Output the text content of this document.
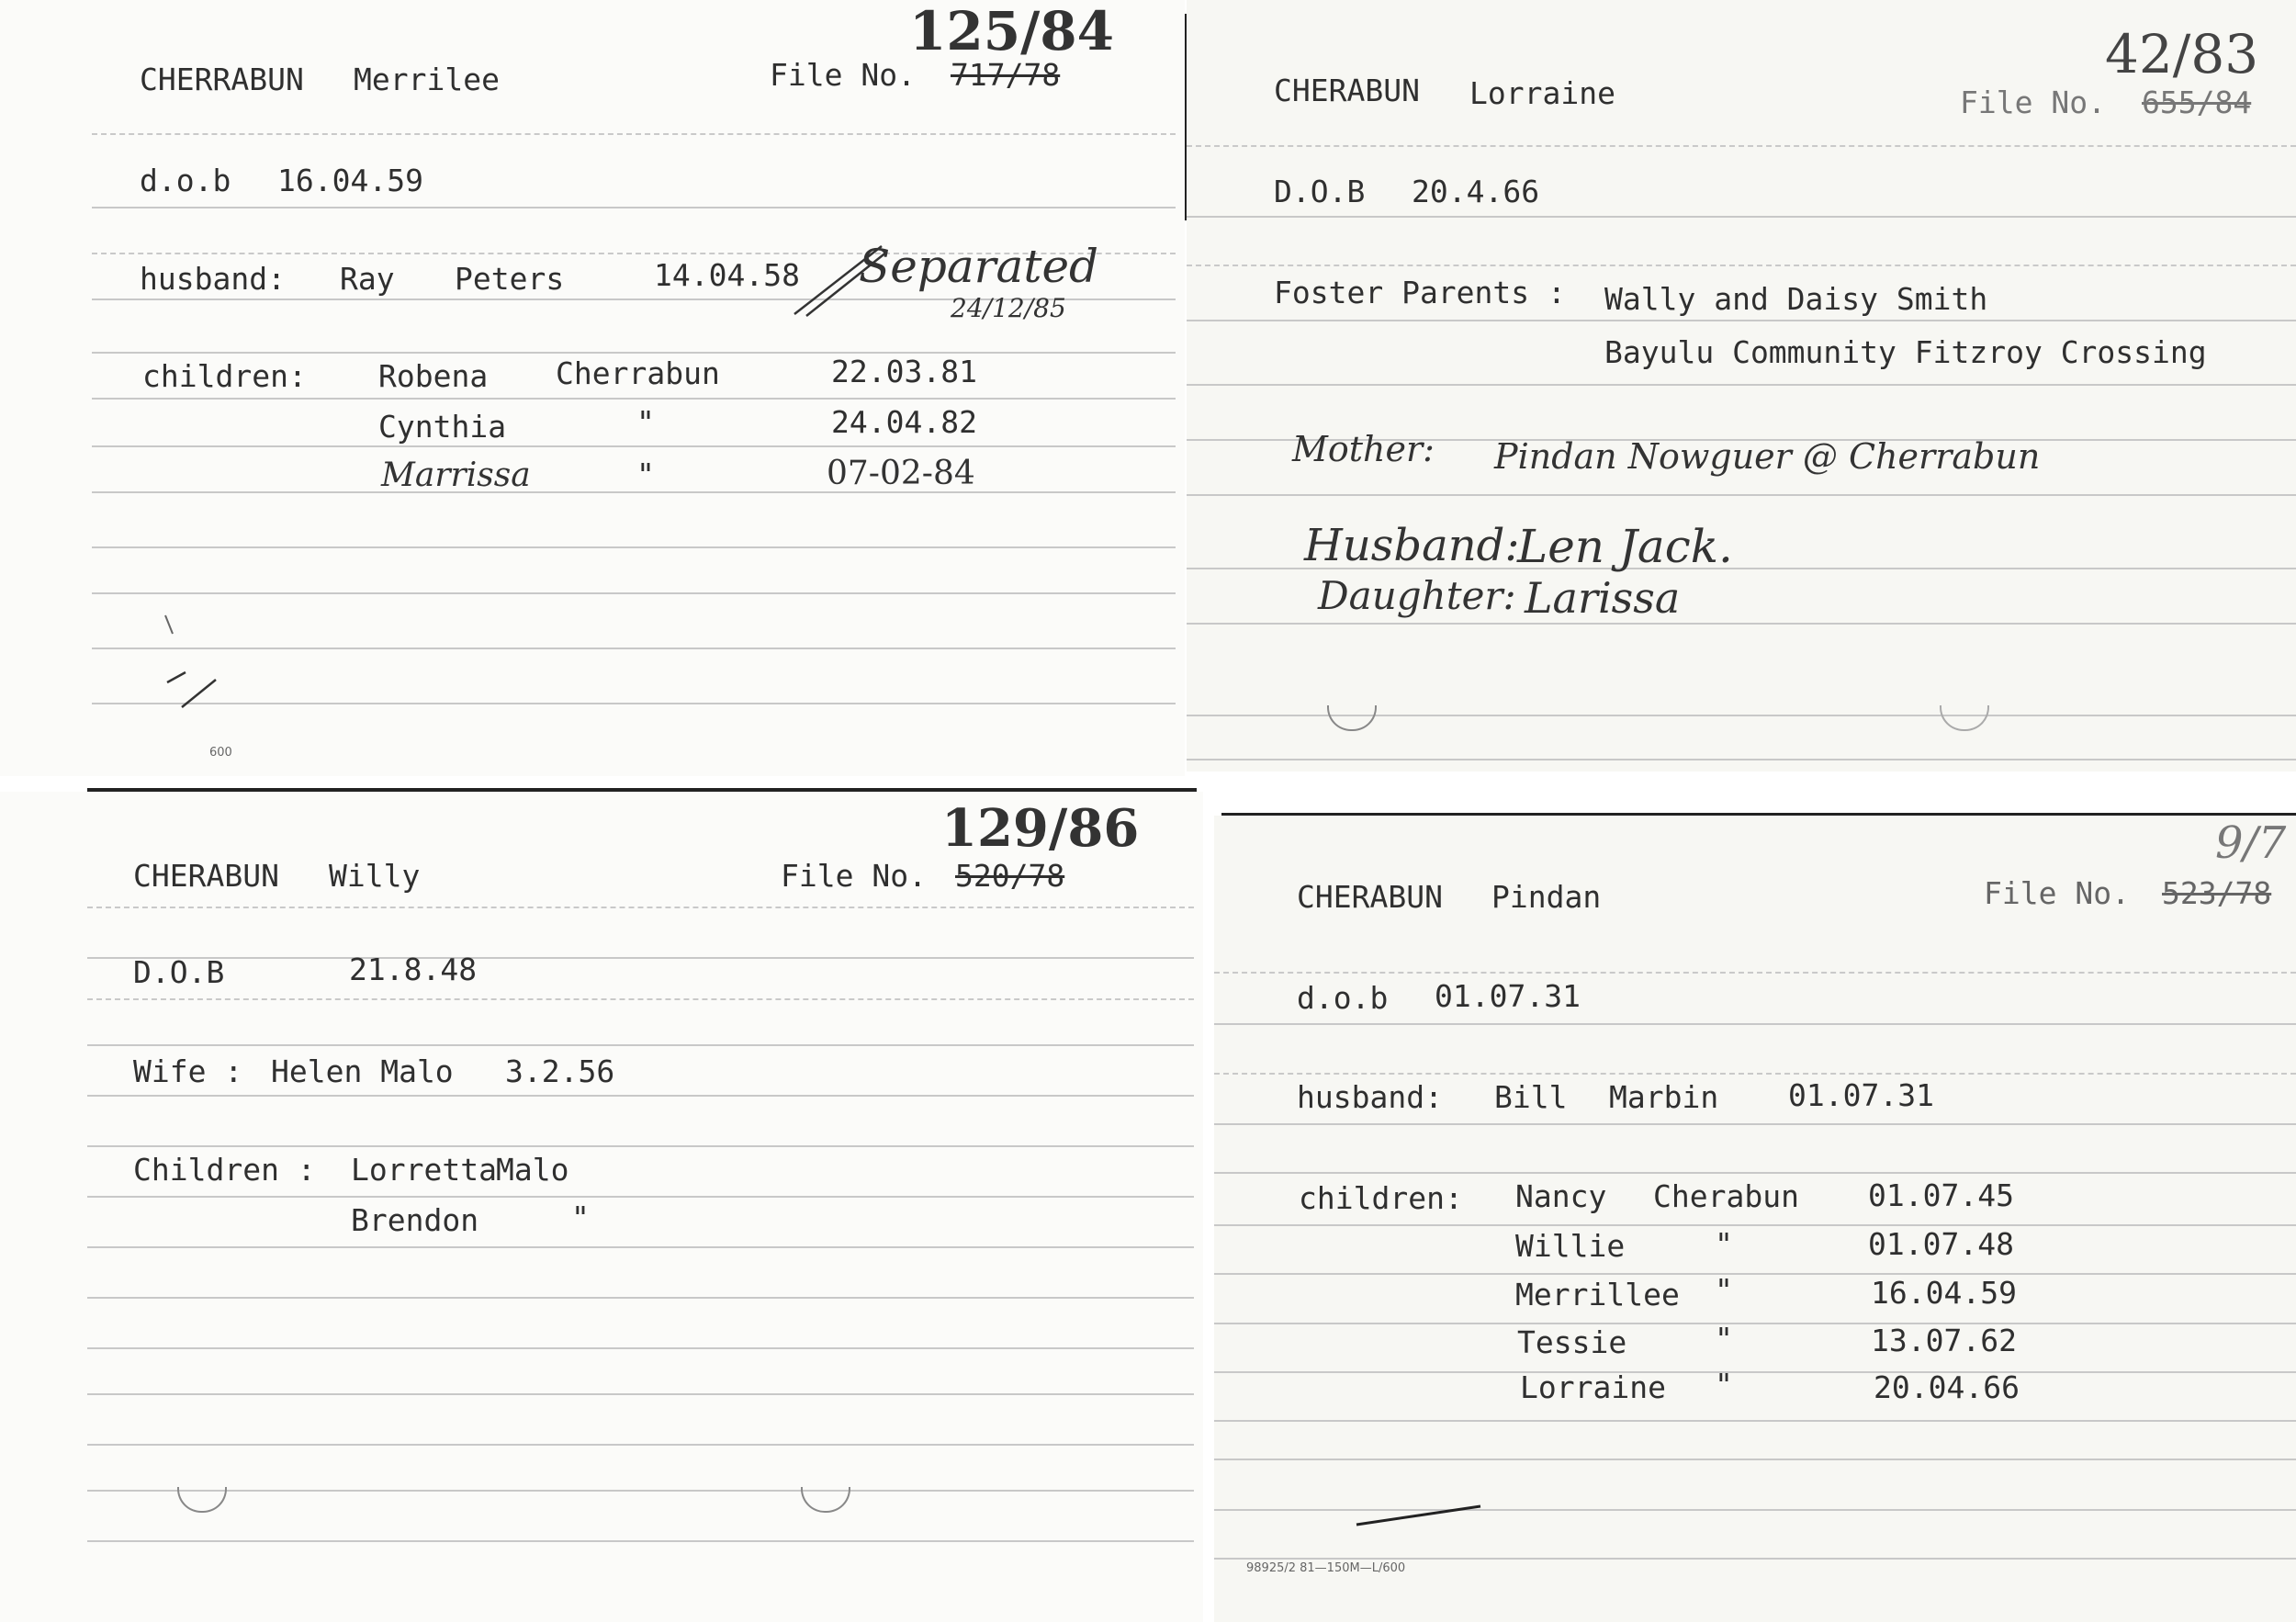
CHERRABUN Merrilee	File No. 717/78
125/84
d.o.b 16.04.59
husband: Ray Peters	14.04.58 Separated
24/12/85
children: Robena Cherrabun	22.03.81
Cynthia	"	24.04.82
Marrissa	"	07-02-84
600
CHERABUN Lorraine	File No. 655/84
42/83
D.O.B 20.4.66
Foster Parents : Wally and Daisy Smith
Bayulu Community Fitzroy Crossing
Mother: Pindan Nowguer @ Cherrabun
Husband:
Len Jack.
Daughter: Larissa
CHERABUN Willy	File No. 520/78
129/86
D.O.B	21.8.48
Wife : Helen Malo 3.2.56
Children : Lorretta Malo
Brendon	"
CHERABUN Pindan	File No. 523/78
9/7
d.o.b 01.07.31
husband: Bill Marbin 01.07.31
children: Nancy Cherabun 01.07.45
Willie	"	01.07.48
Merrillee "	16.04.59
Tessie	"	13.07.62
Lorraine "	20.04.66
98925/2 81—150M—L/600
